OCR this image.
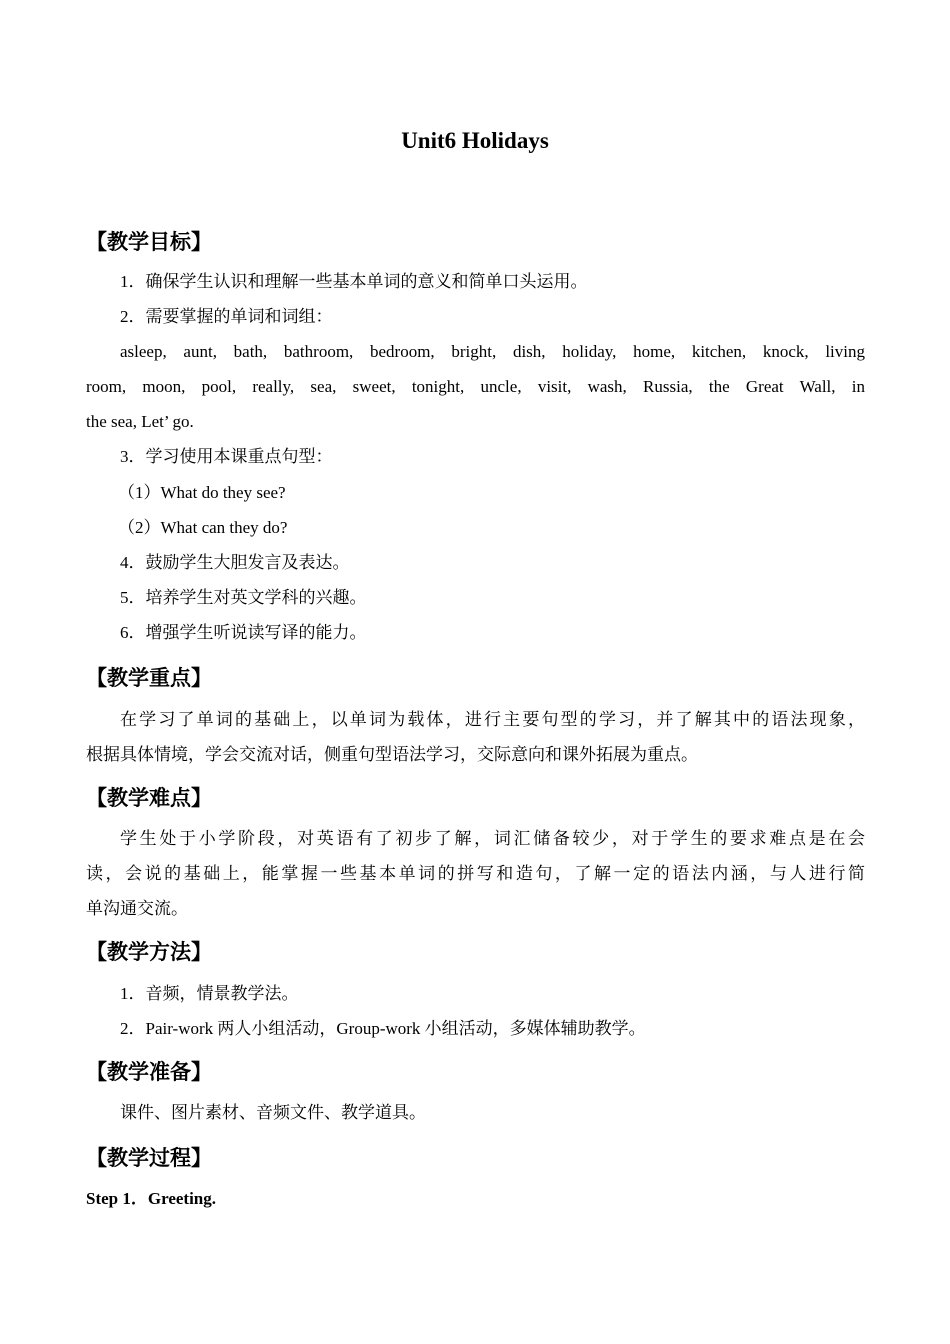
Unit6 Holidays
【教学目标】
1．确保学生认识和理解一些基本单词的意义和简单口头运用。
2．需要掌握的单词和词组：
asleep, aunt, bath, bathroom, bedroom, bright, dish, holiday, home, kitchen, knock, living
room, moon, pool, really, sea, sweet, tonight, uncle, visit, wash, Russia, the Great Wall, in
the sea, Let’ go.
3．学习使用本课重点句型：
（1）What do they see?
（2）What can they do?
4．鼓励学生大胆发言及表达。
5．培养学生对英文学科的兴趣。
6．增强学生听说读写译的能力。
【教学重点】
在学习了单词的基础上，以单词为载体，进行主要句型的学习，并了解其中的语法现象，
根据具体情境，学会交流对话，侧重句型语法学习，交际意向和课外拓展为重点。
【教学难点】
学生处于小学阶段，对英语有了初步了解，词汇储备较少，对于学生的要求难点是在会
读，会说的基础上，能掌握一些基本单词的拼写和造句，了解一定的语法内涵，与人进行简
单沟通交流。
【教学方法】
1．音频，情景教学法。
2．Pair-work 两人小组活动，Group-work 小组活动，多媒体辅助教学。
【教学准备】
课件、图片素材、音频文件、教学道具。
【教学过程】
Step 1．Greeting.
